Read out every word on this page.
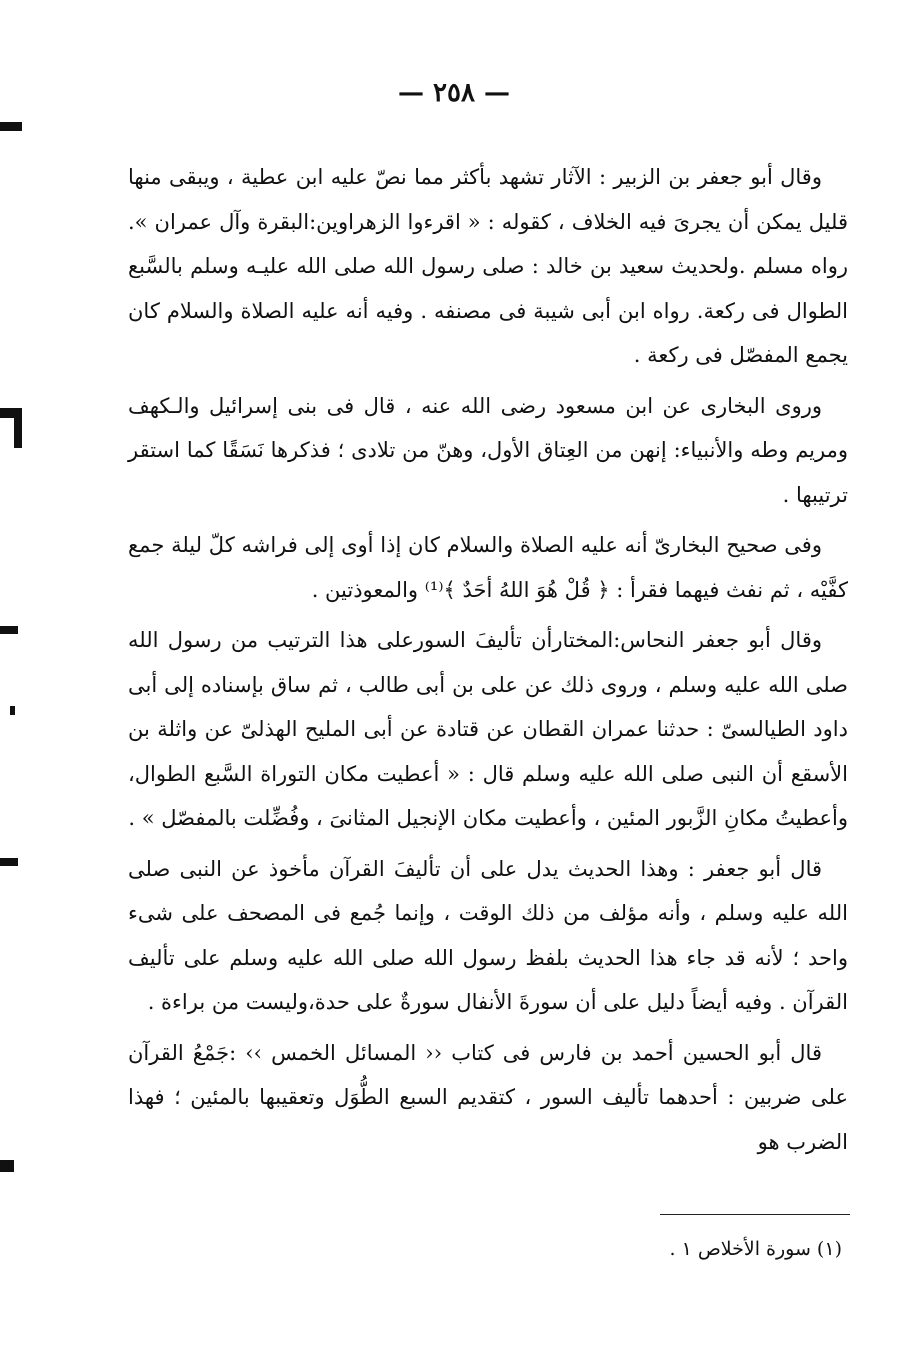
— ٢٥٨ —

وقال أبو جعفر بن الزبير : الآثار تشهد بأكثر مما نصّ عليه ابن عطية ، ويبقى منها قليل يمكن أن يجرىَ فيه الخلاف ، كقوله : « اقرءوا الزهراوين:البقرة وآل عمران ». رواه مسلم .ولحديث سعيد بن خالد : صلى رسول الله صلى الله عليـه وسلم بالسَّبع الطوال فى ركعة. رواه ابن أبى شيبة فى مصنفه . وفيه أنه عليه الصلاة والسلام كان يجمع المفصّل فى ركعة .

وروى البخارى عن ابن مسعود رضى الله عنه ، قال فى بنى إسرائيل والـكهف ومريم وطه والأنبياء: إنهن من العِتاق الأول، وهنّ من تلادى ؛ فذكرها نَسَقًا كما استقر ترتيبها .

وفى صحيح البخارىّ أنه عليه الصلاة والسلام كان إذا أوى إلى فراشه كلّ ليلة جمع كفَّيْه ، ثم نفث فيهما فقرأ : ﴿ قُلْ هُوَ اللهُ أحَدٌ ﴾⁽¹⁾ والمعوذتين .

وقال أبو جعفر النحاس:المختارأن تأليفَ السورعلى هذا الترتيب من رسول الله صلى الله عليه وسلم ، وروى ذلك عن على بن أبى طالب ، ثم ساق بإسناده إلى أبى داود الطيالسىّ : حدثنا عمران القطان عن قتادة عن أبى المليح الهذلىّ عن واثلة بن الأسقع أن النبى صلى الله عليه وسلم قال : « أعطيت مكان التوراة السَّبع الطوال، وأعطيتُ مكانِ الزَّبور المئين ، وأعطيت مكان الإنجيل المثانىَ ، وفُضِّلت بالمفصّل » .

قال أبو جعفر : وهذا الحديث يدل على أن تأليفَ القرآن مأخوذ عن النبى صلى الله عليه وسلم ، وأنه مؤلف من ذلك الوقت ، وإنما جُمع فى المصحف على شىء واحد ؛ لأنه قد جاء هذا الحديث بلفظ رسول الله صلى الله عليه وسلم على تأليف القرآن . وفيه أيضاً دليل على أن سورةَ الأنفال سورةٌ على حدة،وليست من براءة .

قال أبو الحسين أحمد بن فارس فى كتاب ‹‹ المسائل الخمس ›› :جَمْعُ القرآن على ضربين : أحدهما تأليف السور ، كتقديم السبع الطُّوَل وتعقيبها بالمئين ؛ فهذا الضرب هو

(١) سورة الأخلاص ١ .
